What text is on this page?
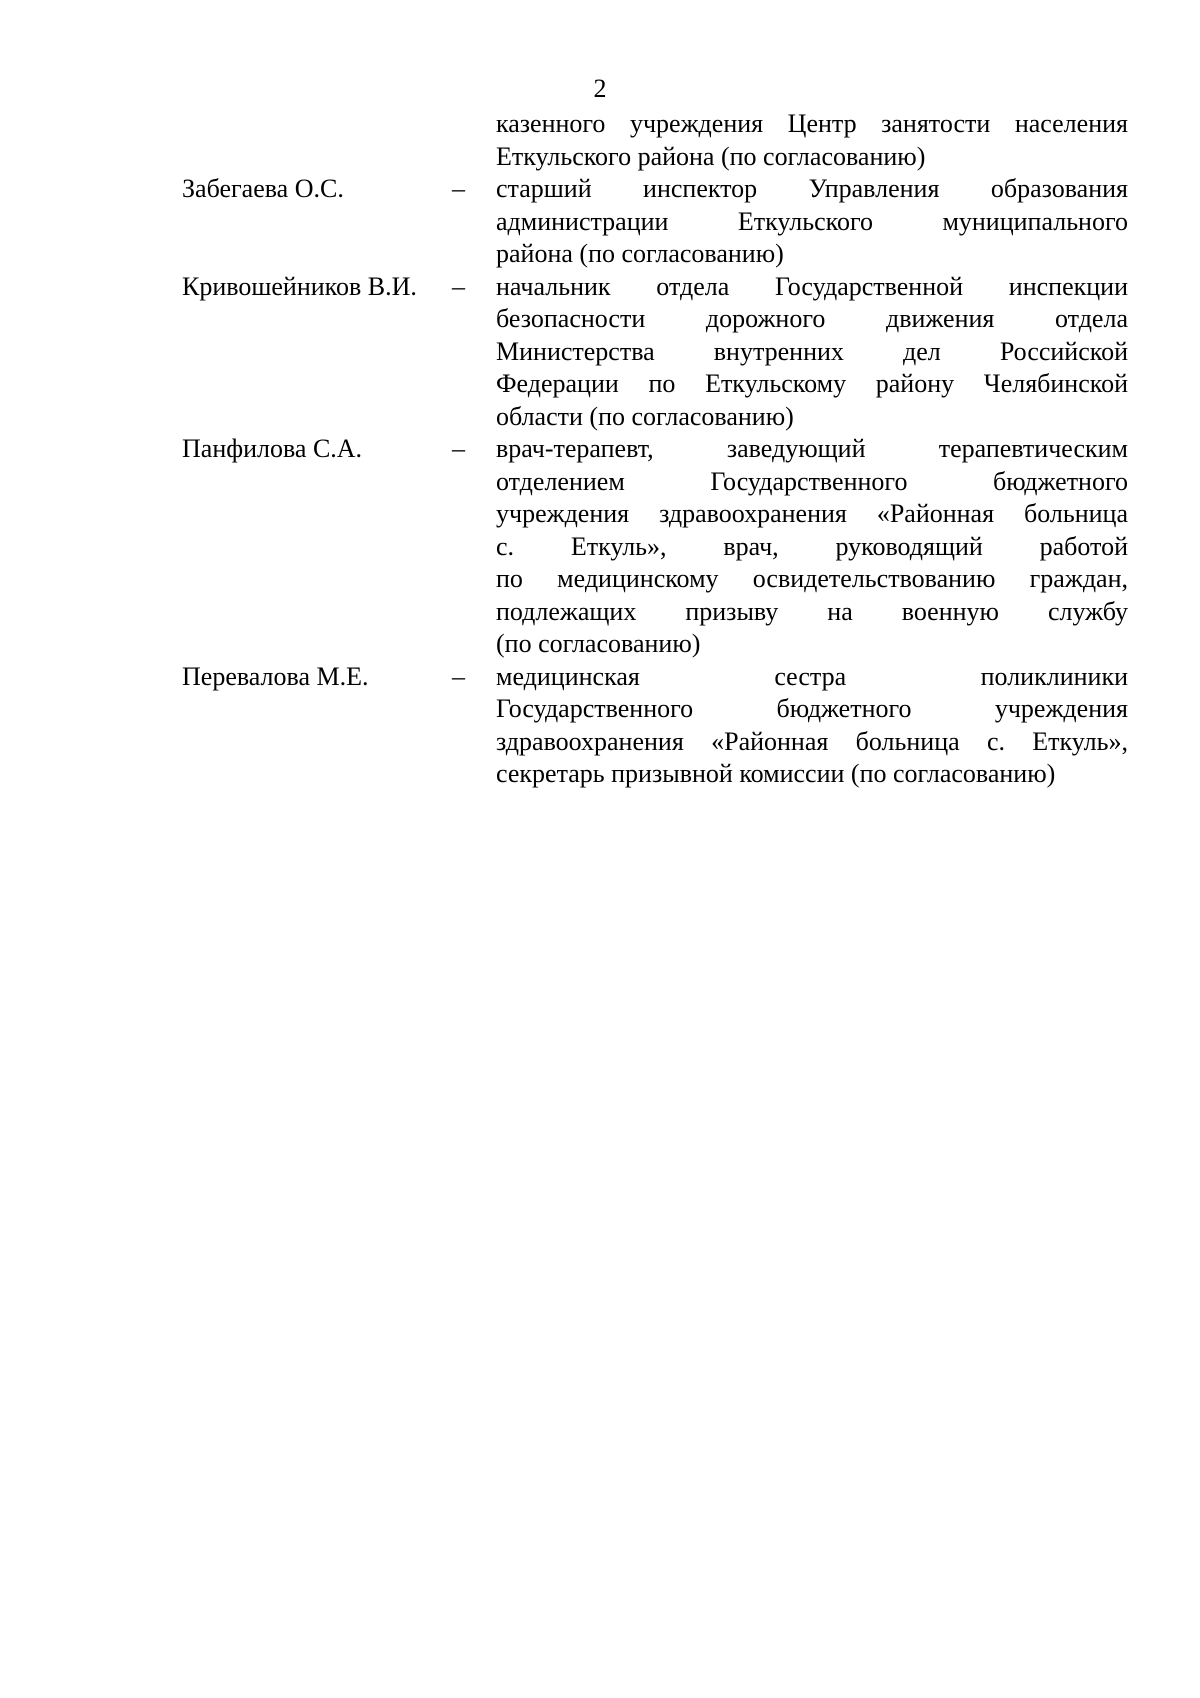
2
казенного учреждения Центр занятости населения
Еткульского района (по согласованию)
Забегаева О.С.	–	старший инспектор Управления образования
администрации Еткульского муниципального
района (по согласованию)
Кривошейников В.И.	–	начальник отдела Государственной инспекции
безопасности дорожного движения отдела
Министерства внутренних дел Российской
Федерации по Еткульскому району Челябинской
области (по согласованию)
Панфилова С.А.	–	врач-терапевт, заведующий терапевтическим
отделением Государственного бюджетного
учреждения здравоохранения «Районная больница
с. Еткуль», врач, руководящий работой
по медицинскому освидетельствованию граждан,
подлежащих призыву на военную службу
(по согласованию)
Перевалова М.Е.	–	медицинская сестра поликлиники
Государственного бюджетного учреждения
здравоохранения «Районная больница с. Еткуль»,
секретарь призывной комиссии (по согласованию)
